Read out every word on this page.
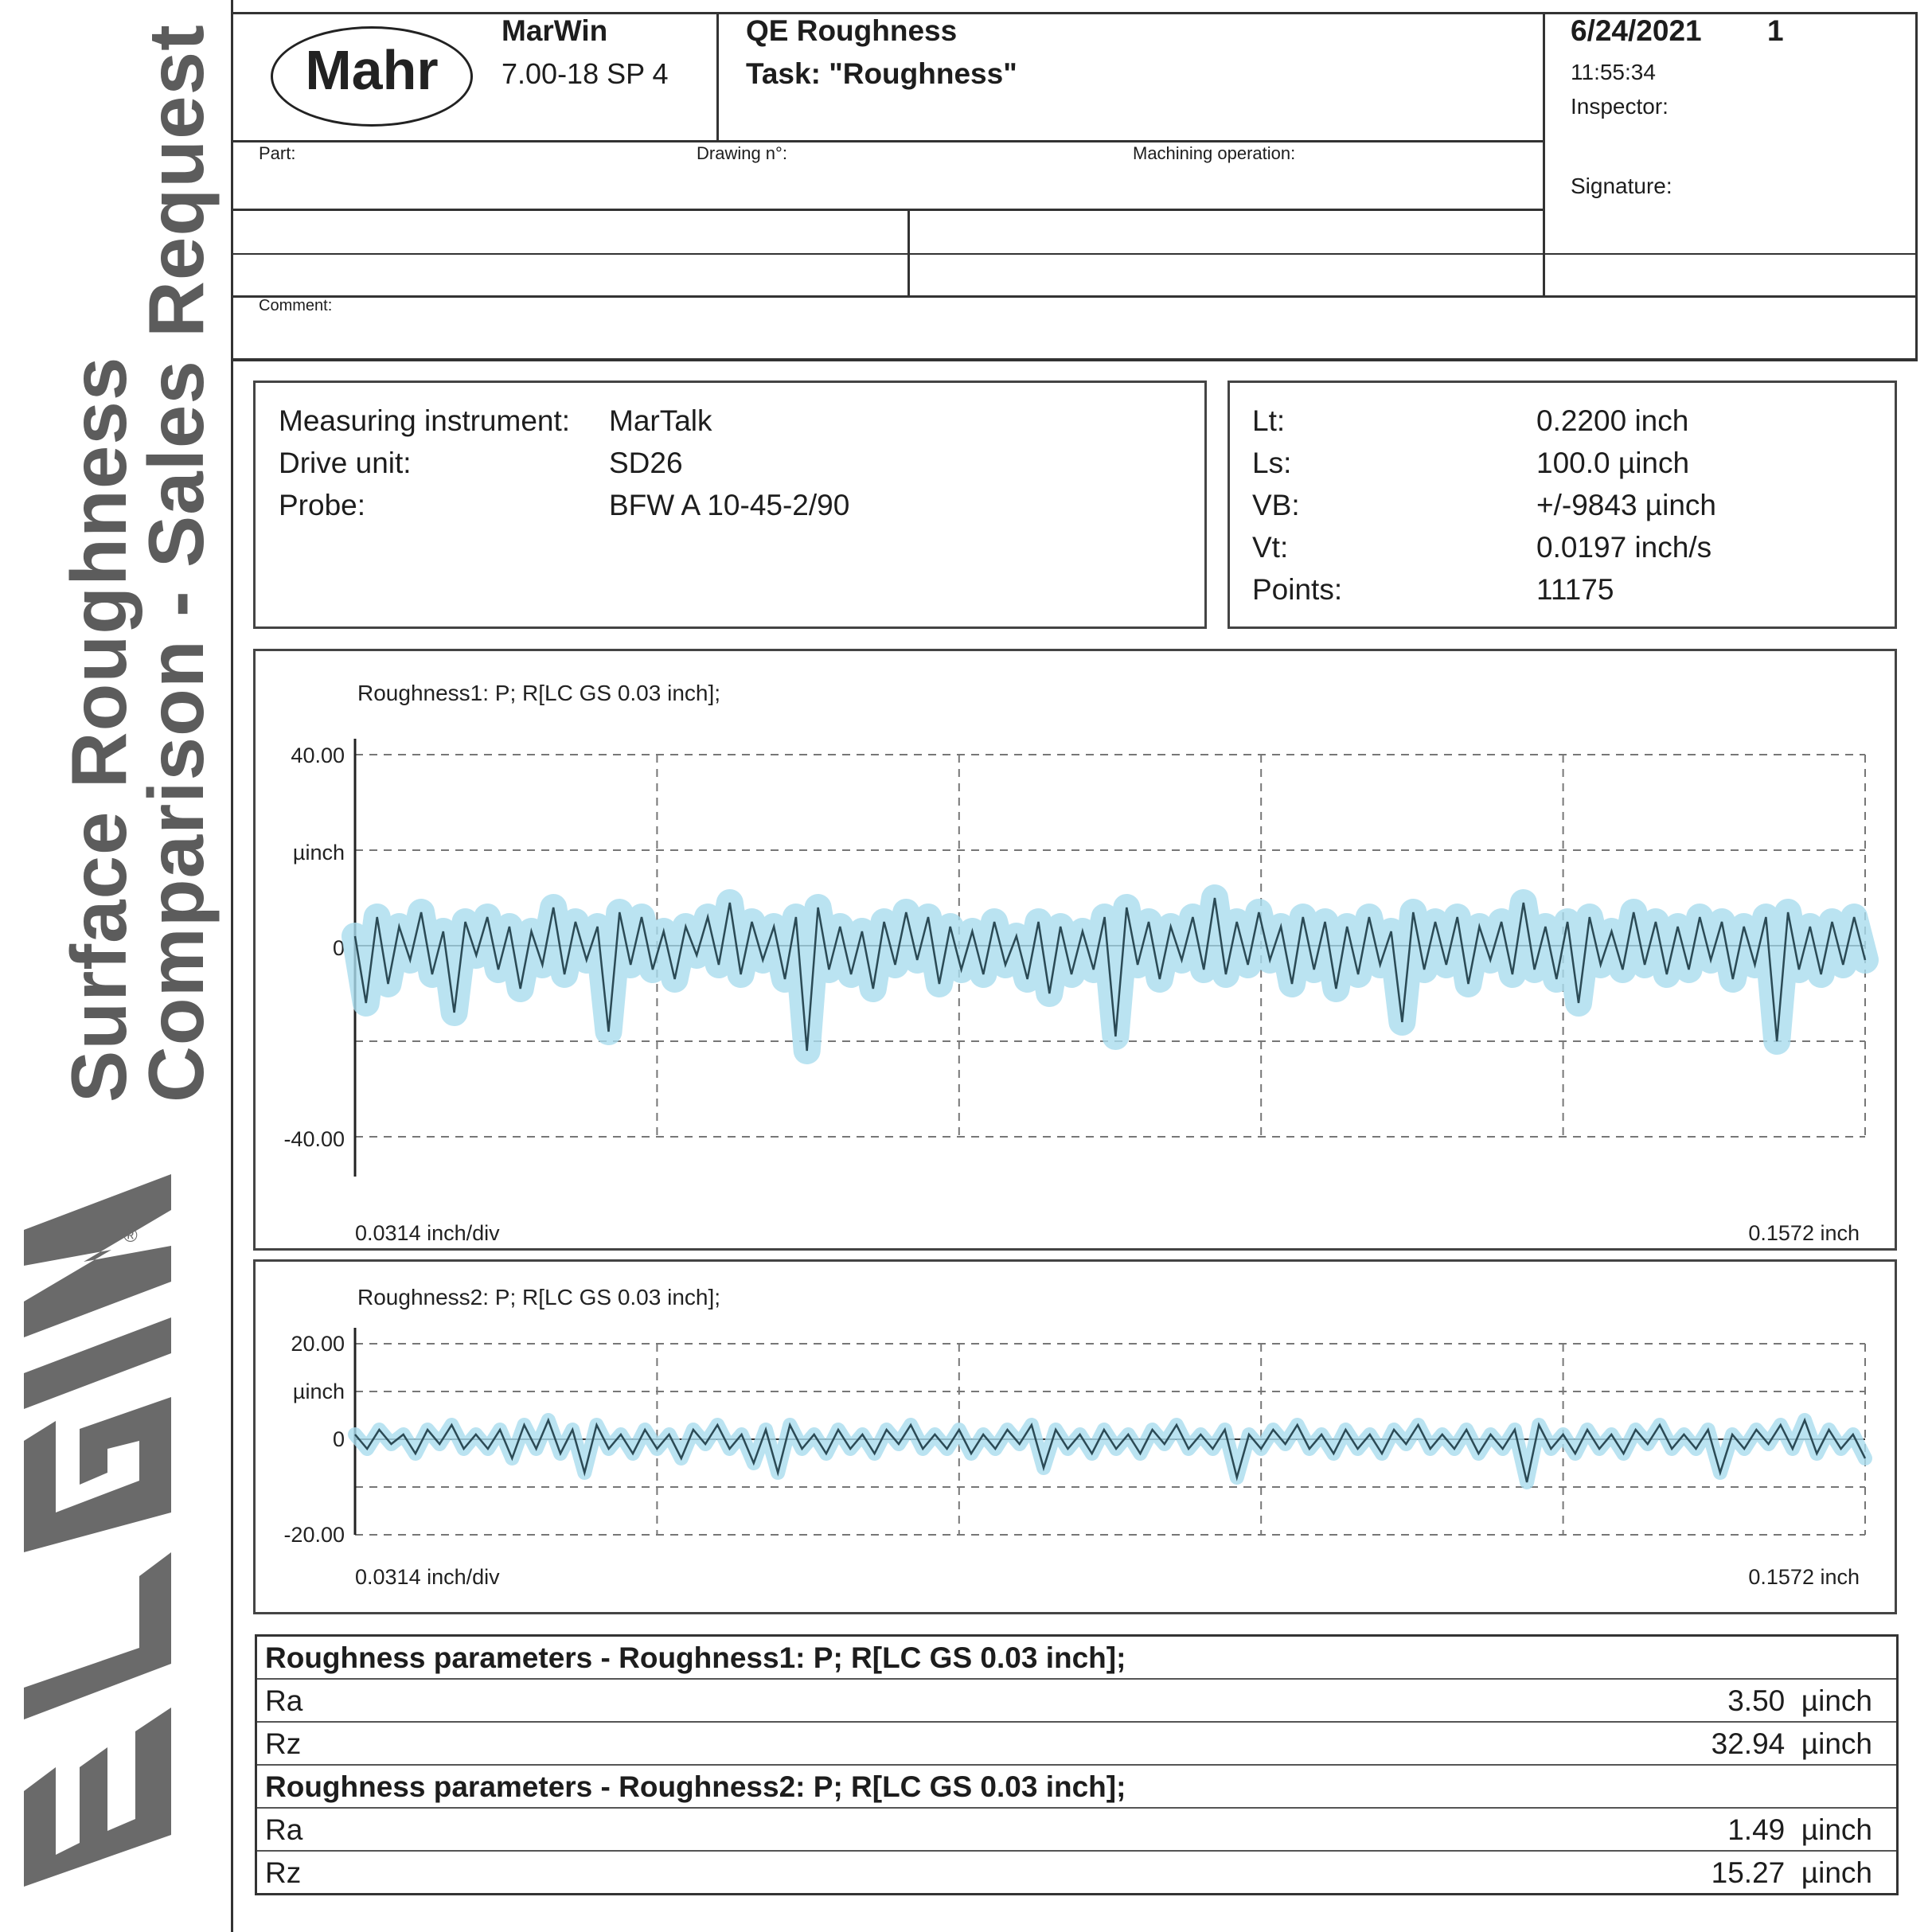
Surface Roughness
Comparison - Sales Request
®
Mahr
MarWin
7.00-18 SP 4
QE Roughness
Task: "Roughness"
6/24/2021 1
11:55:34
Inspector:
Signature:
Part:	Drawing n°:	Machining operation:
Comment:
Measuring instrument: MarTalk
Drive unit:	SD26
Probe:	BFW A 10-45-2/90
Lt:	0.2200 inch
Ls:	100.0 µinch
VB:	+/-9843 µinch
Vt:	0.0197 inch/s
Points:	11175
Roughness1: P; R[LC GS 0.03 inch];
40.00
µinch
0
-40.00
0.0314 inch/div	0.1572 inch
Roughness2: P; R[LC GS 0.03 inch];
20.00
µinch
0
-20.00
0.0314 inch/div	0.1572 inch
Roughness parameters - Roughness1: P; R[LC GS 0.03 inch];
Ra	3.50 µinch
Rz	32.94 µinch
Roughness parameters - Roughness2: P; R[LC GS 0.03 inch];
Ra	1.49 µinch
Rz	15.27 µinch
